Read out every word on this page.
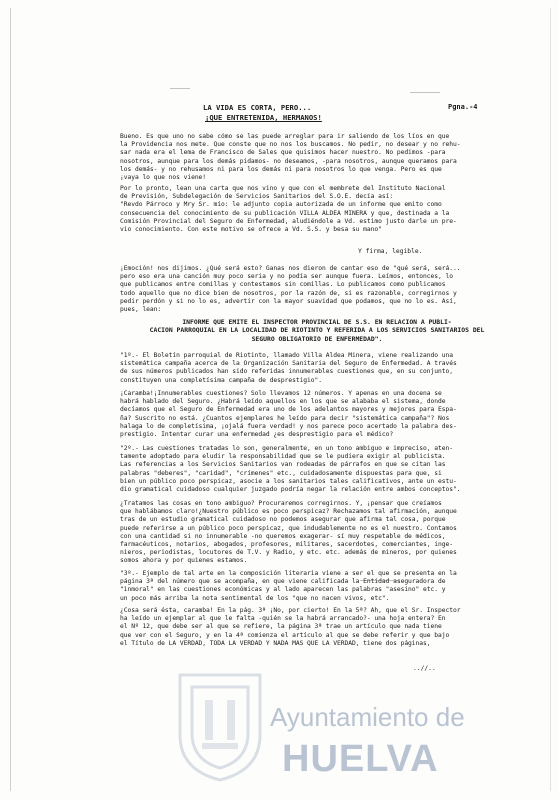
LA VIDA ES CORTA, PERO...	Pgna.-4
¡QUE ENTRETENIDA, HERMANOS!
Bueno. Es que uno no sabe cómo se las puede arreglar para ir saliendo de los líos en que
la Providencia nos mete. Que conste que no nos los buscamos. No pedir, no desear y no rehu-
sar nada era el lema de Francisco de Sales que quisimos hacer nuestro. No pedimos -para
nosotros, aunque para los demás pidamos- no deseamos, -para nosotros, aunque queramos para
los demás- y no rehusamos ni para los demás ni para nosotros lo que venga. Pero es que
¡vaya lo que nos viene!
Por lo pronto, lean una carta que nos vino y que con el membrete del Instituto Nacional
de Previsión, Subdelegación de Servicios Sanitarios del S.O.E. decía así:
"Revdo Párroco y Mry Sr. mío: le adjunto copia autorizada de un informe que emito como
consecuencia del conocimiento de su publicación VILLA ALDEA MINERA y que, destinada a la
Comisión Provincial del Seguro de Enfermedad, aludiéndole a Vd. estimo justo darle un pre-
vio conocimiento. Con este motivo se ofrece a Vd. S.S. y besa su mano"
Y firma, legible.
¡Emoción! nos dijimos. ¿Qué será esto? Ganas nos dieron de cantar eso de "qué será, será...
pero eso era una canción muy poco seria y no podía ser aunque fuera. Leímos, entonces, lo
que publicamos entre comillas y contestamos sin comillas. Lo publicamos como publicamos
todo aquello que no dice bien de nosotros, por la razón de, si es razonable, corregirnos y
pedir perdón y si no lo es, advertir con la mayor suavidad que podamos, que no lo es. Así,
pues, lean:
INFORME QUE EMITE EL INSPECTOR PROVINCIAL DE S.S. EN RELACION A PUBLI-
CACION PARROQUIAL EN LA LOCALIDAD DE RIOTINTO Y REFERIDA A LOS SERVICIOS SANITARIOS DEL
SEGURO OBLIGATORIO DE ENFERMEDAD".
"1º.- El Boletín parroquial de Riotinto, llamado Villa Aldea Minera, viene realizando una
sistemática campaña acerca de la Organización Sanitaria del Seguro de Enfermedad. A través
de sus números publicados han sido referidas innumerables cuestiones que, en su conjunto,
constituyen una completísima campaña de desprestigio".
¡Caramba!¡Innumerables cuestiones? Solo llevamos 12 números. Y apenas en una docena se
habrá hablado del Seguro. ¿Habrá leído aquellos en los que se alababa el sistema, donde
decíamos que el Seguro de Enfermedad era uno de los adelantos mayores y mejores para Espa-
ña? Suscrito no está. ¿Cuantos ejemplares he leído para decir "sistemática campaña"? Nos
halaga lo de completísima, ¡ojalá fuera verdad! y nos parece poco acertado la palabra des-
prestigio. Intentar curar una enfermedad ¿es desprestigio para el médico?
"2º.- Las cuestiones tratadas lo son, generalmente, en un tono ambiguo e impreciso, aten-
tamente adoptado para eludir la responsabilidad que se le pudiera exigir al publicista.
Las referencias a los Servicios Sanitarios van rodeadas de párrafos en que se citan las
palabras "deberes", "caridad", "crímenes" etc., cuidadosamente dispuestas para que, si
bien un público poco perspicaz, asocie a los sanitarios tales calificativos, ante un estu-
dio gramatical cuidadoso cualquier juzgado podría negar la relación entre ambos conceptos".
¿Tratamos las cosas en tono ambiguo? Procuraremos corregirnos. Y, ¡pensar que creíamos
que hablábamos claro!¿Nuestro público es poco perspicaz? Rechazamos tal afirmación, aunque
tras de un estudio gramatical cuidadoso no podemos asegurar que afirma tal cosa, porque
puede referirse a un público poco perspicaz, que indudablemente no es el nuestro. Contamos
con una cantidad si no innumerable -no queremos exagerar- sí muy respetable de médicos,
farmacéuticos, notarios, abogados, profesores, militares, sacerdotes, comerciantes, inge-
nieros, periodistas, locutores de T.V. y Radio, y etc. etc. además de mineros, por quienes
somos ahora y por quienes estamos.
"3º.- Ejemplo de tal arte en la composición literaria viene a ser el que se presenta en la
página 3ª del número que se acompaña, en que viene calificada la Entidad aseguradora de
"inmoral" en las cuestiones económicas y al lado aparecen las palabras "asesino" etc. y
un poco más arriba la nota sentimental de los "que no nacen vivos, etc".
¿Cosa será ésta, caramba! En la pág. 3ª ¡No, por cierto! En la 5ª? Ah, que el Sr. Inspector
ha leído un ejemplar al que le falta -quién se la habrá arrancado?- una hoja entera? En
el Nº 12, que debe ser al que se refiere, la página 3ª trae un artículo que nada tiene
que ver con el Seguro, y en la 4ª comienza el artículo al que se debe referir y que bajo
el Título de LA VERDAD, TODA LA VERDAD Y NADA MAS QUE LA VERDAD, tiene dos páginas,
..//..
Ayuntamiento de
HUELVA
